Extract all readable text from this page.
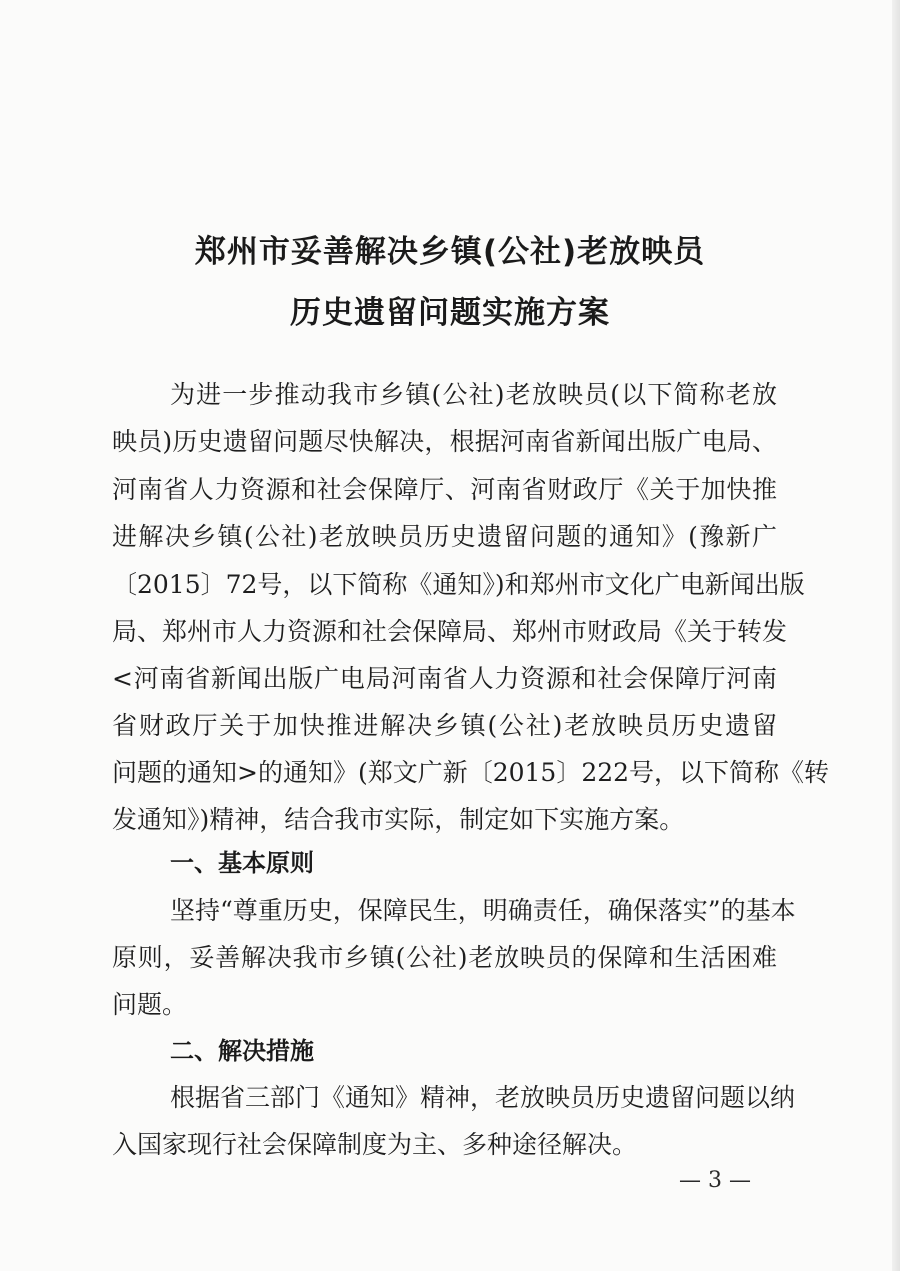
郑州市妥善解决乡镇(公社)老放映员
历史遗留问题实施方案
为进一步推动我市乡镇(公社)老放映员(以下简称老放
映员)历史遗留问题尽快解决，根据河南省新闻出版广电局、
河南省人力资源和社会保障厅、河南省财政厅《关于加快推
进解决乡镇(公社)老放映员历史遗留问题的通知》(豫新广
〔2015〕72号，以下简称《通知》)和郑州市文化广电新闻出版
局、郑州市人力资源和社会保障局、郑州市财政局《关于转发
<河南省新闻出版广电局河南省人力资源和社会保障厅河南
省财政厅关于加快推进解决乡镇(公社)老放映员历史遗留
问题的通知>的通知》(郑文广新〔2015〕222号，以下简称《转
发通知》)精神，结合我市实际，制定如下实施方案。
一、基本原则
坚持“尊重历史，保障民生，明确责任，确保落实”的基本
原则，妥善解决我市乡镇(公社)老放映员的保障和生活困难
问题。
二、解决措施
根据省三部门《通知》精神，老放映员历史遗留问题以纳
入国家现行社会保障制度为主、多种途径解决。
— 3 —
